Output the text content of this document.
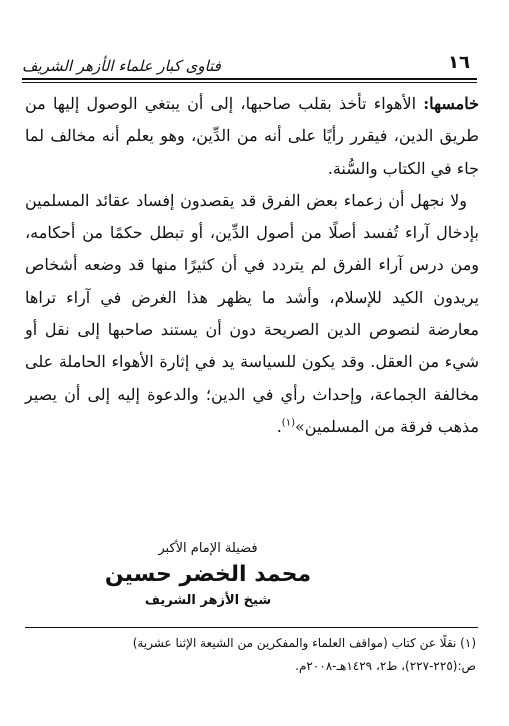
١٦
فتاوى كبار علماء الأزهر الشريف

خامسها: الأهواء تأخذ بقلب صاحبها، إلى أن يبتغي الوصول إليها من طريق الدين، فيقرر رأيًا على أنه من الدِّين، وهو يعلم أنه مخالف لما جاء في الكتاب والسُّنة.

ولا نجهل أن زعماء بعض الفرق قد يقصدون إفساد عقائد المسلمين بإدخال آراء تُفسد أصلًا من أصول الدِّين، أو تبطل حكمًا من أحكامه، ومن درس آراء الفرق لم يتردد في أن كثيرًا منها قد وضعه أشخاص يريدون الكيد للإسلام، وأشد ما يظهر هذا الغرض في آراء تراها معارضة لنصوص الدين الصريحة دون أن يستند صاحبها إلى نقل أو شيء من العقل. وقد يكون للسياسة يد في إثارة الأهواء الحاملة على مخالفة الجماعة، وإحداث رأي في الدين؛ والدعوة إليه إلى أن يصير مذهب فرقة من المسلمين»$^{(١)}$.

فضيلة الإمام الأكبر

محمد الخضر حسين

شيخ الأزهر الشريف

(١) نقلًا عن كتاب (مواقف العلماء والمفكرين من الشيعة الإثنا عشرية)

ص:(٢٢٥-٢٢٧)، ط٢، ١٤٢٩هـ-٢٠٠٨م.
